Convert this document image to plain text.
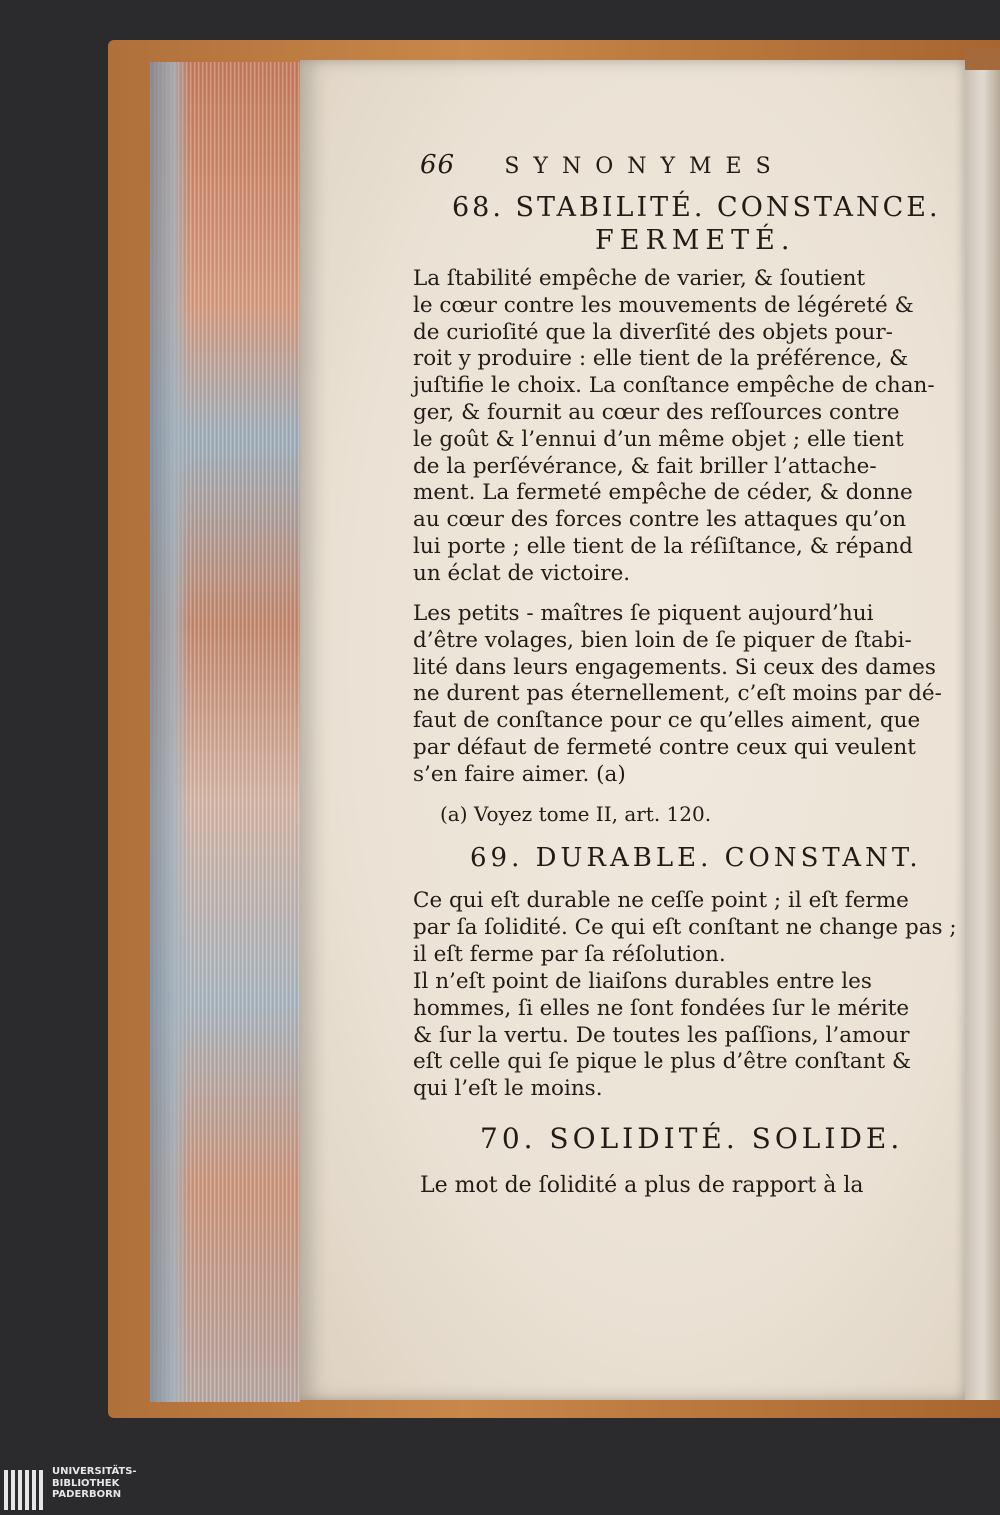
66 SYNONYMES
68. STABILITÉ. CONSTANCE.
FERMETÉ.
La ſtabilité empêche de varier, & ſoutient
le cœur contre les mouvements de légéreté &
de curioſité que la diverſité des objets pour-
roit y produire : elle tient de la préférence, &
juſtifie le choix. La conſtance empêche de chan-
ger, & fournit au cœur des reſſources contre
le goût & l’ennui d’un même objet ; elle tient
de la perſévérance, & fait briller l’attache-
ment. La fermeté empêche de céder, & donne
au cœur des forces contre les attaques qu’on
lui porte ; elle tient de la réſiſtance, & répand
un éclat de victoire.
Les petits - maîtres ſe piquent aujourd’hui
d’être volages, bien loin de ſe piquer de ſtabi-
lité dans leurs engagements. Si ceux des dames
ne durent pas éternellement, c’eſt moins par dé-
faut de conſtance pour ce qu’elles aiment, que
par défaut de fermeté contre ceux qui veulent
s’en faire aimer. (a)
(a) Voyez tome II, art. 120.
69. DURABLE. CONSTANT.
Ce qui eſt durable ne ceſſe point ; il eſt ferme
par ſa ſolidité. Ce qui eſt conſtant ne change pas ;
il eſt ferme par ſa réſolution.
Il n’eſt point de liaiſons durables entre les
hommes, ſi elles ne ſont fondées ſur le mérite
& ſur la vertu. De toutes les paſſions, l’amour
eſt celle qui ſe pique le plus d’être conſtant &
qui l’eſt le moins.
70. SOLIDITÉ. SOLIDE.
Le mot de ſolidité a plus de rapport à la
UNIVERSITÄTS-
BIBLIOTHEK
PADERBORN
